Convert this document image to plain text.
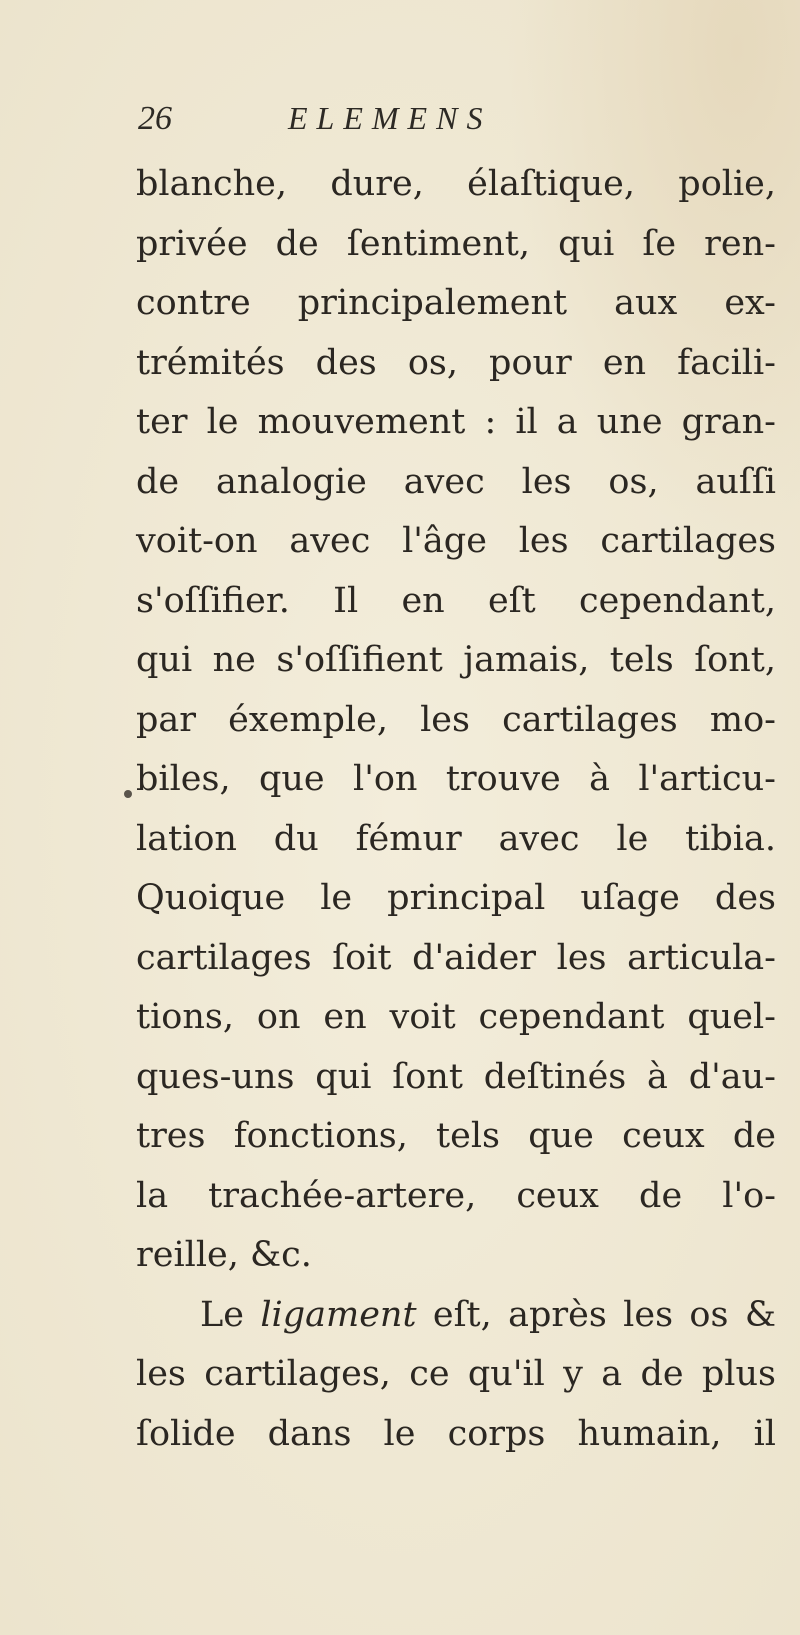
26	ELEMENS
blanche, dure, élaſtique, polie,
privée de ſentiment, qui ſe ren-
contre principalement aux ex-
trémités des os, pour en facili-
ter le mouvement : il a une gran-
de analogie avec les os, auſſi
voit-on avec l'âge les cartilages
s'oſſifier. Il en eſt cependant,
qui ne s'oſſifient jamais, tels ſont,
par éxemple, les cartilages mo-
biles, que l'on trouve à l'articu-
lation du fémur avec le tibia.
Quoique le principal uſage des
cartilages ſoit d'aider les articula-
tions, on en voit cependant quel-
ques-uns qui ſont deſtinés à d'au-
tres fonctions, tels que ceux de
la trachée-artere, ceux de l'o-
reille, &c.
Le ligament eſt, après les os &
les cartilages, ce qu'il y a de plus
ſolide dans le corps humain, il
